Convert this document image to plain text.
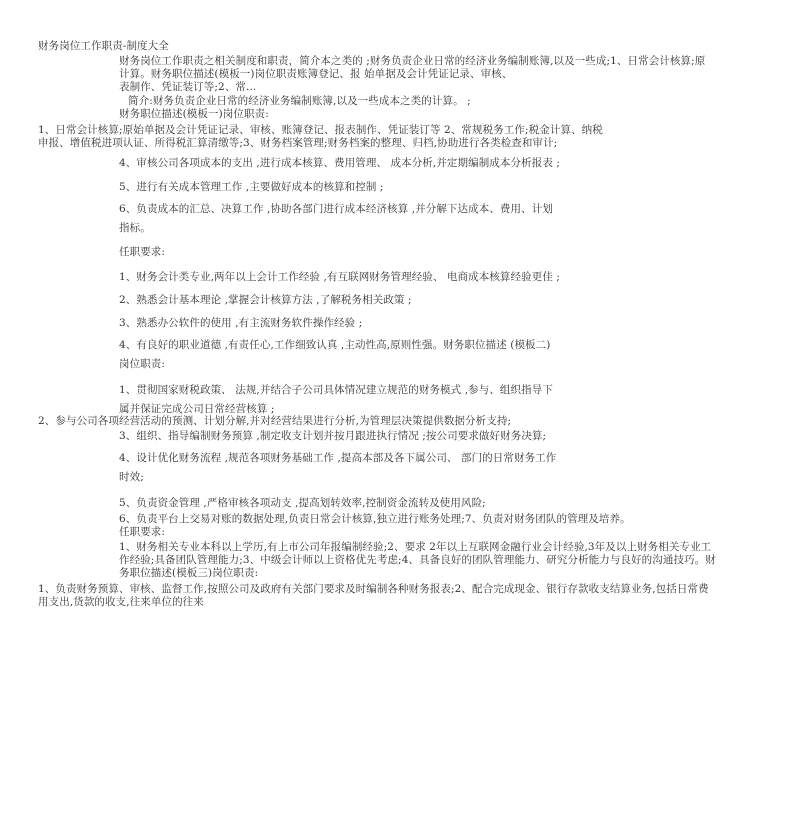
财务岗位工作职责-制度大全
财务岗位工作职责之相关制度和职责，简介本之类的 ;财务负责企业日常的经济业务编制账簿,以及一些成;1、日常会计核算;原
计算。财务职位描述(模板一)岗位职责账簿登记、报 始单据及会计凭证记录、审核、
表制作、凭证装订等;2、常...
简介:财务负责企业日常的经济业务编制账簿,以及一些成本之类的计算。 ;
财务职位描述(模板一)岗位职责:
1、日常会计核算;原始单据及会计凭证记录、审核、账簿登记、报表制作、凭证装订等 2、常规税务工作;税金计算、纳税
申报、增值税进项认证、所得税汇算清缴等;3、财务档案管理;财务档案的整理、归档,协助进行各类检查和审计;
4、审核公司各项成本的支出 ,进行成本核算、费用管理、 成本分析,并定期编制成本分析报表 ;
5、进行有关成本管理工作 ,主要做好成本的核算和控制 ;
6、负责成本的汇总、决算工作 ,协助各部门进行成本经济核算 ,并分解下达成本、费用、计划
指标。
任职要求:
1、财务会计类专业,两年以上会计工作经验 ,有互联网财务管理经验、 电商成本核算经验更佳 ;
2、熟悉会计基本理论 ,掌握会计核算方法 ,了解税务相关政策 ;
3、熟悉办公软件的使用 ,有主流财务软件操作经验 ;
4、有良好的职业道德 ,有责任心,工作细致认真 ,主动性高,原则性强。财务职位描述 (模板二)
岗位职责:
1、贯彻国家财税政策、 法规,并结合子公司具体情况建立规范的财务模式 ,参与、组织指导下
属并保证完成公司日常经营核算 ;
2、参与公司各项经营活动的预测、计划分解,并对经营结果进行分析,为管理层决策提供数据分析支持;
3、组织、指导编制财务预算 ,制定收支计划并按月跟进执行情况 ;按公司要求做好财务决算;
4、设计优化财务流程 ,规范各项财务基础工作 ,提高本部及各下属公司、 部门的日常财务工作
时效;
5、负责资金管理 ,严格审核各项动支 ,提高划转效率,控制资金流转及使用风险;
6、负责平台上交易对账的数据处理,负责日常会计核算,独立进行账务处理;7、负责对财务团队的管理及培养。
任职要求:
1、财务相关专业本科以上学历,有上市公司年报编制经验;2、要求 2年以上互联网金融行业会计经验,3年及以上财务相关专业工
作经验;具备团队管理能力;3、中级会计师以上资格优先考虑;4、具备良好的团队管理能力、研究分析能力与良好的沟通技巧。财
务职位描述(模板三)岗位职责:
1、负责财务预算、审核、监督工作,按照公司及政府有关部门要求及时编制各种财务报表;2、配合完成现金、银行存款收支结算业务,包括日常费
用支出,货款的收支,往来单位的往来
